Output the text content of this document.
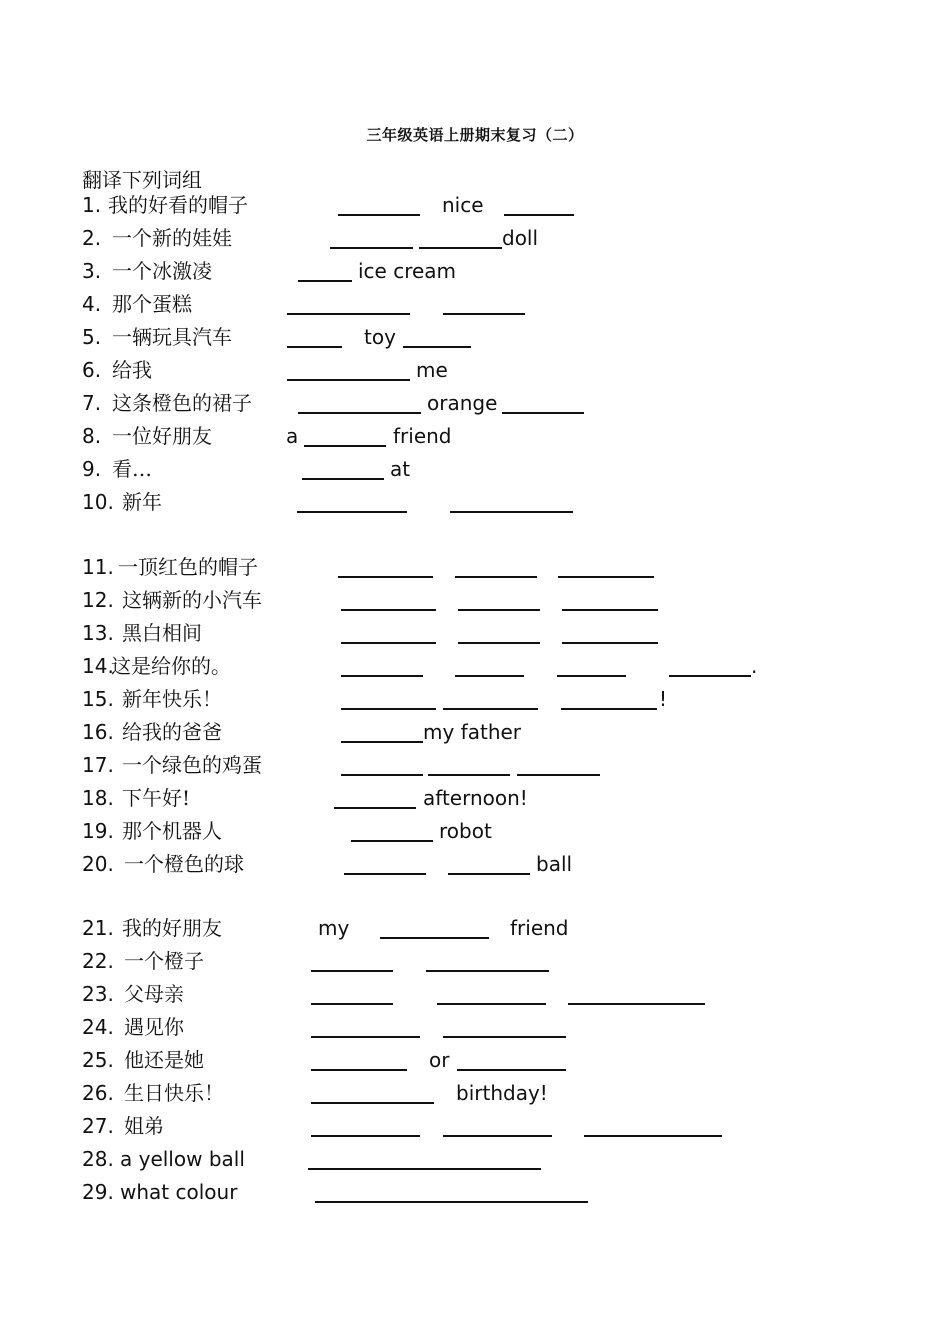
三年级英语上册期末复习（二）
翻译下列词组
1. 我的好看的帽子	nice
2. 一个新的娃娃	doll
3. 一个冰激凌	ice cream
4. 那个蛋糕
5. 一辆玩具汽车	toy
6. 给我	me
7. 这条橙色的裙子	orange
8. 一位好朋友	a	friend
9. 看…	at
10. 新年
11. 一顶红色的帽子
12. 这辆新的小汽车
13. 黑白相间
14.
这是给你的。	.
15. 新年快乐！	!
16. 给我的爸爸	my father
17. 一个绿色的鸡蛋
18. 下午好!	afternoon!
19. 那个机器人	robot
20. 一个橙色的球	ball
21. 我的好朋友	my	friend
22. 一个橙子
23. 父母亲
24. 遇见你
25. 他还是她	or
26. 生日快乐！	birthday!
27. 姐弟
28. a yellow ball
29. what colour
